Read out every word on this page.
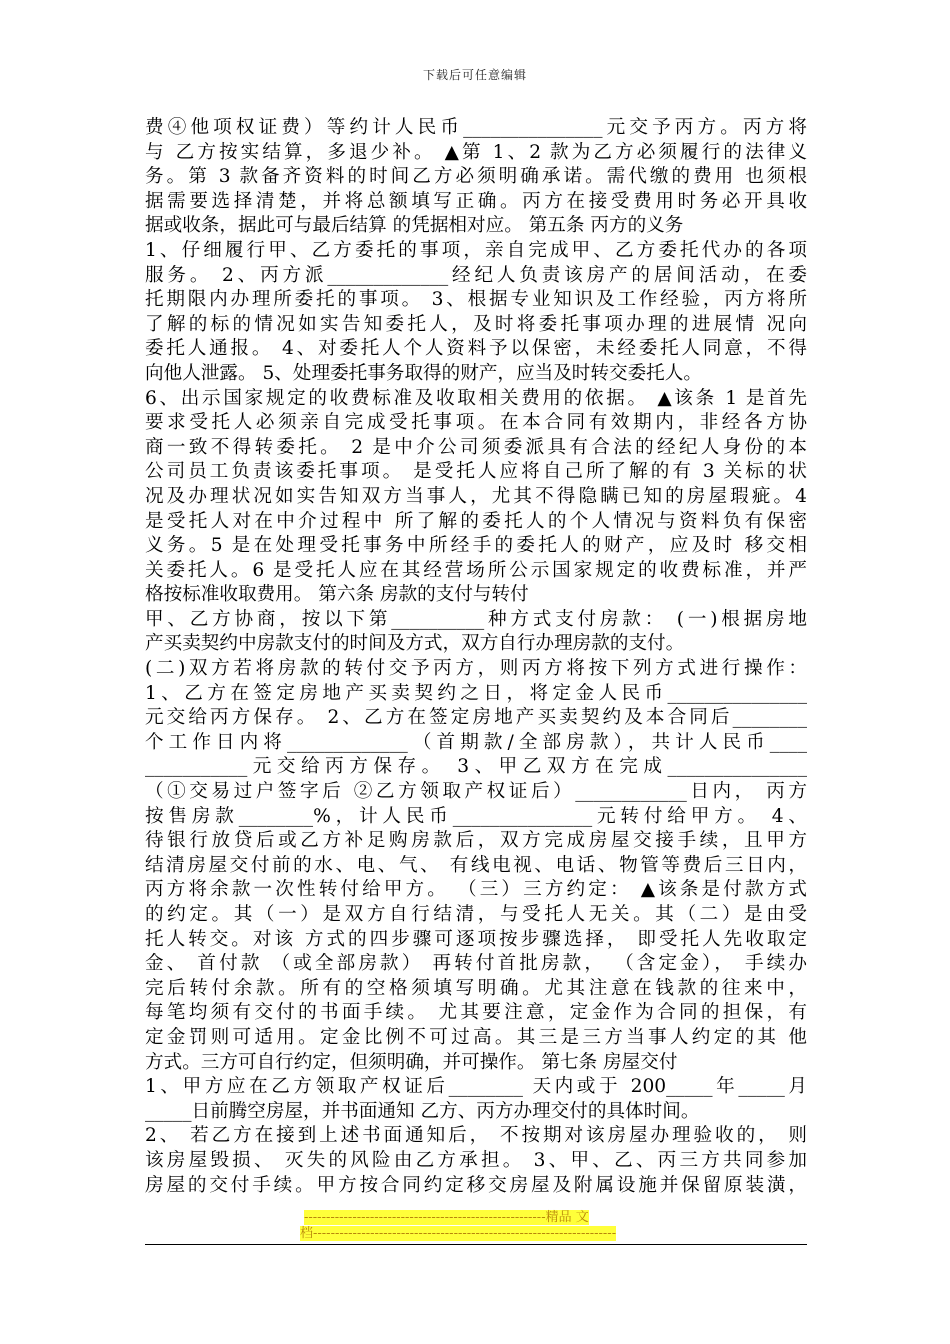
下载后可任意编辑
费④他项权证费）等约计人民币_______________元交予丙方。丙方将
与 乙方按实结算，多退少补。 ▲第 1、2 款为乙方必须履行的法律义
务。第 3 款备齐资料的时间乙方必须明确承诺。需代缴的费用 也须根
据需要选择清楚，并将总额填写正确。丙方在接受费用时务必开具收
据或收条，据此可与最后结算 的凭据相对应。 第五条 丙方的义务
1、仔细履行甲、乙方委托的事项，亲自完成甲、乙方委托代办的各项
服务。 2、丙方派_____________经纪人负责该房产的居间活动，在委
托期限内办理所委托的事项。 3、根据专业知识及工作经验，丙方将所
了解的标的情况如实告知委托人，及时将委托事项办理的进展情 况向
委托人通报。 4、对委托人个人资料予以保密，未经委托人同意，不得
向他人泄露。 5、处理委托事务取得的财产，应当及时转交委托人。
6、出示国家规定的收费标准及收取相关费用的依据。 ▲该条 1 是首先
要求受托人必须亲自完成受托事项。在本合同有效期内，非经各方协
商一致不得转委托。 2 是中介公司须委派具有合法的经纪人身份的本
公司员工负责该委托事项。 是受托人应将自己所了解的有 3 关标的状
况及办理状况如实告知双方当事人，尤其不得隐瞒已知的房屋瑕疵。4
是受托人对在中介过程中 所了解的委托人的个人情况与资料负有保密
义务。5 是在处理受托事务中所经手的委托人的财产，应及时 移交相
关委托人。6 是受托人应在其经营场所公示国家规定的收费标准，并严
格按标准收取费用。 第六条 房款的支付与转付
甲、乙方协商，按以下第__________种方式支付房款： (一)根据房地
产买卖契约中房款支付的时间及方式，双方自行办理房款的支付。
(二)双方若将房款的转付交予丙方，则丙方将按下列方式进行操作：
1、乙方在签定房地产买卖契约之日，将定金人民币_______________
元交给丙方保存。 2、乙方在签定房地产买卖契约及本合同后________
个工作日内将_____________（首期款/全部房款），共计人民币____
___________元交给丙方保存。 3、甲乙双方在完成_______________
（①交易过户签字后 ②乙方领取产权证后）____________日内， 丙方
按售房款________%，计人民币_______________元转付给甲方。 4、
待银行放贷后或乙方补足购房款后，双方完成房屋交接手续，且甲方
结清房屋交付前的水、电、气、 有线电视、电话、物管等费后三日内，
丙方将余款一次性转付给甲方。 （三）三方约定： ▲该条是付款方式
的约定。其（一）是双方自行结清，与受托人无关。其（二）是由受
托人转交。对该 方式的四步骤可逐项按步骤选择， 即受托人先收取定
金、 首付款 （或全部房款） 再转付首批房款， （含定金）， 手续办
完后转付余款。所有的空格须填写明确。尤其注意在钱款的往来中，
每笔均须有交付的书面手续。 尤其要注意，定金作为合同的担保，有
定金罚则可适用。定金比例不可过高。其三是三方当事人约定的其 他
方式。三方可自行约定，但须明确，并可操作。 第七条 房屋交付
1、甲方应在乙方领取产权证后________ 天内或于 200_____年_____月
_____日前腾空房屋，并书面通知 乙方、丙方办理交付的具体时间。
2、 若乙方在接到上述书面通知后， 不按期对该房屋办理验收的， 则
该房屋毁损、 灭失的风险由乙方承担。 3、甲、乙、丙三方共同参加
房屋的交付手续。甲方按合同约定移交房屋及附属设施并保留原装潢，
-------------------------------------------------------精品 文
档---------------------------------------------------------------------
